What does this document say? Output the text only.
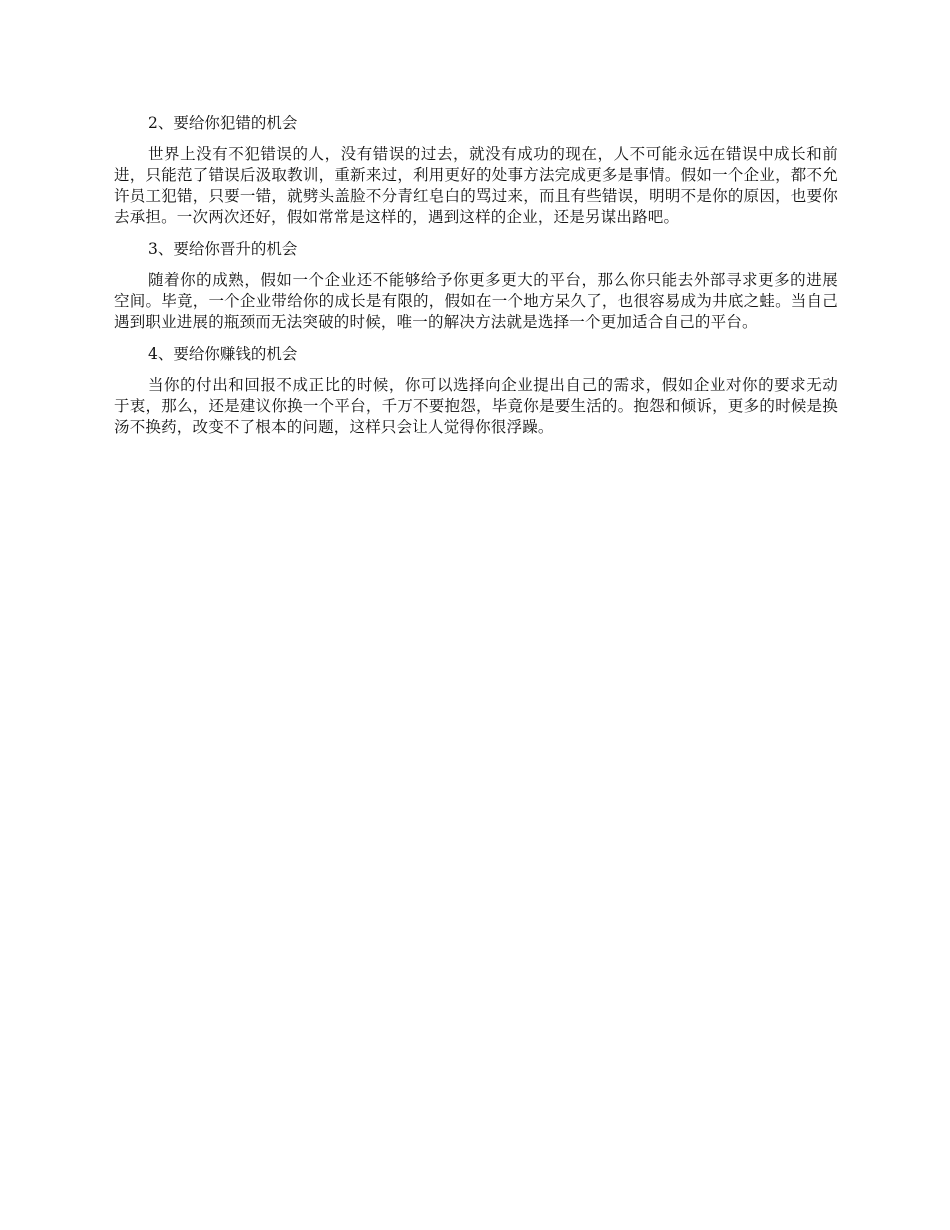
2、要给你犯错的机会

世界上没有不犯错误的人，没有错误的过去，就没有成功的现在，人不可能永远在错误中成长和前进，只能范了错误后汲取教训，重新来过，利用更好的处事方法完成更多是事情。假如一个企业，都不允许员工犯错，只要一错，就劈头盖脸不分青红皂白的骂过来，而且有些错误，明明不是你的原因，也要你去承担。一次两次还好，假如常常是这样的，遇到这样的企业，还是另谋出路吧。

3、要给你晋升的机会

随着你的成熟，假如一个企业还不能够给予你更多更大的平台，那么你只能去外部寻求更多的进展空间。毕竟，一个企业带给你的成长是有限的，假如在一个地方呆久了，也很容易成为井底之蛙。当自己遇到职业进展的瓶颈而无法突破的时候，唯一的解决方法就是选择一个更加适合自己的平台。

4、要给你赚钱的机会

当你的付出和回报不成正比的时候，你可以选择向企业提出自己的需求，假如企业对你的要求无动于衷，那么，还是建议你换一个平台，千万不要抱怨，毕竟你是要生活的。抱怨和倾诉，更多的时候是换汤不换药，改变不了根本的问题，这样只会让人觉得你很浮躁。
